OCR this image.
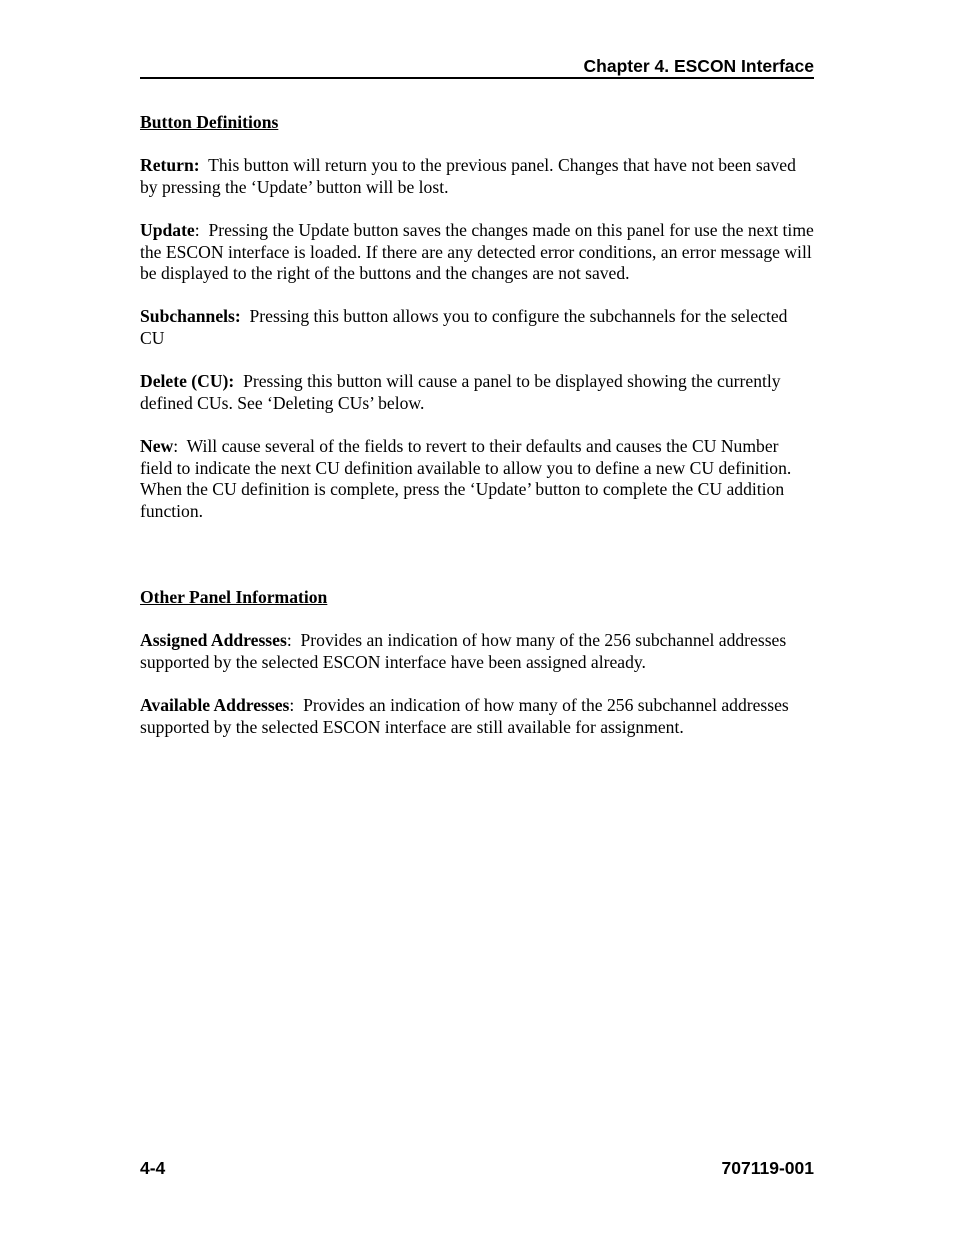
Chapter 4. ESCON Interface
Button Definitions

Return: This button will return you to the previous panel. Changes that have not been saved by pressing the ‘Update’ button will be lost.

Update:  Pressing the Update button saves the changes made on this panel for use the next time the ESCON interface is loaded. If there are any detected error conditions, an error message will be displayed to the right of the buttons and the changes are not saved.

Subchannels: Pressing this button allows you to configure the subchannels for the selected CU

Delete (CU): Pressing this button will cause a panel to be displayed showing the currently defined CUs. See ‘Deleting CUs’ below.

New:  Will cause several of the fields to revert to their defaults and causes the CU Number field to indicate the next CU definition available to allow you to define a new CU definition. When the CU definition is complete, press the ‘Update’ button to complete the CU addition function.

Other Panel Information

Assigned Addresses:  Provides an indication of how many of the 256 subchannel addresses supported by the selected ESCON interface have been assigned already.

Available Addresses:  Provides an indication of how many of the 256 subchannel addresses supported by the selected ESCON interface are still available for assignment.

4-4	707119-001
